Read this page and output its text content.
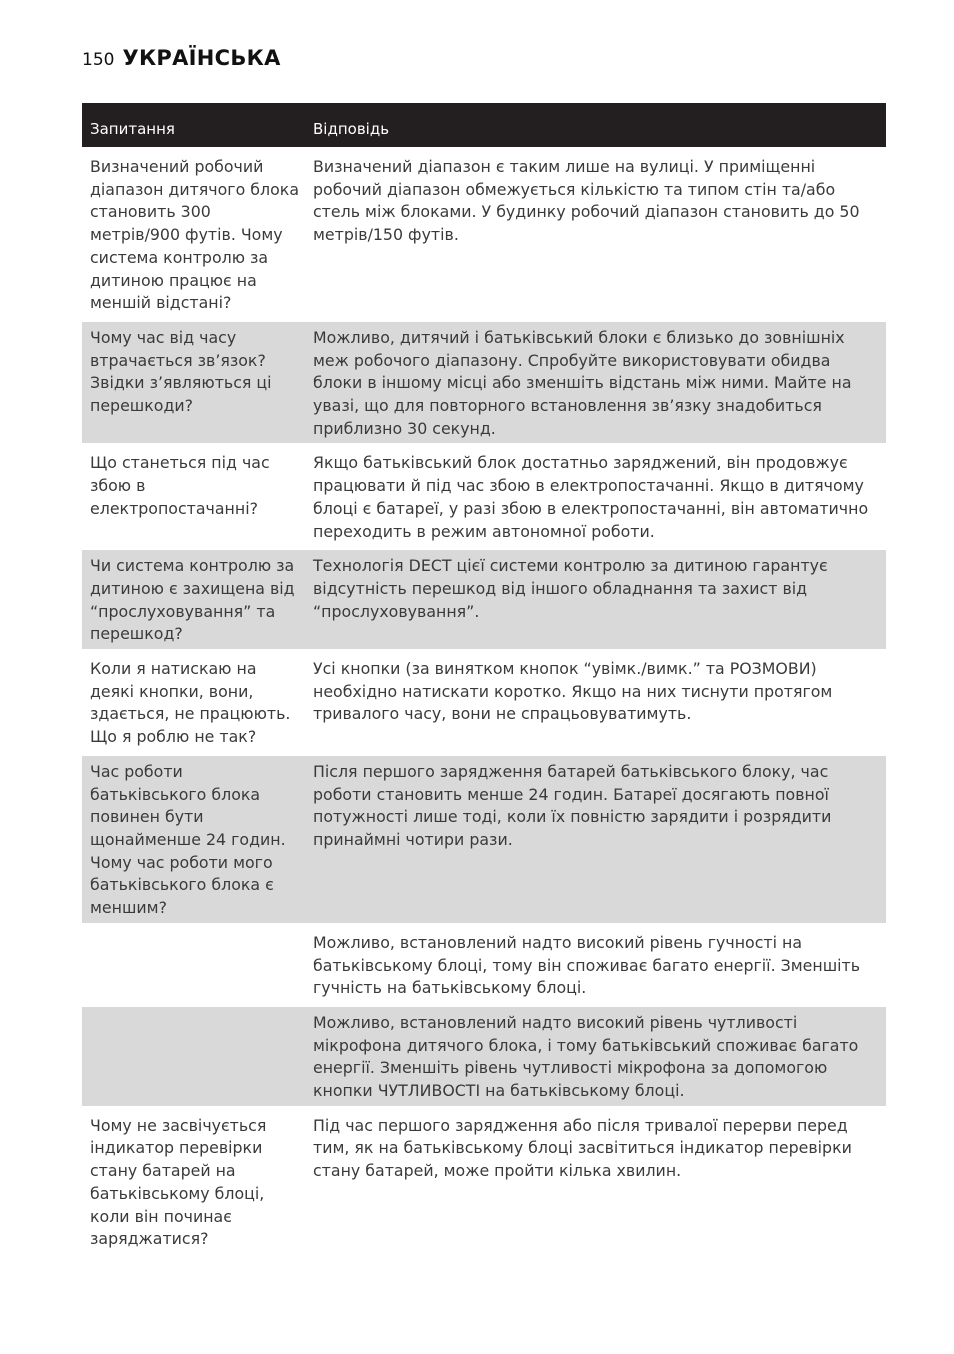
150 УКРАЇНСЬКА
Запитання	Відповідь
Визначений робочий діапазон дитячого блока становить 300 метрів/900 футів. Чому система контролю за дитиною працює на меншій відстані?
Визначений діапазон є таким лише на вулиці. У приміщенні робочий діапазон обмежується кількістю та типом стін та/або стель між блоками. У будинку робочий діапазон становить до 50 метрів/150 футів.
Чому час від часу втрачається зв’язок? Звідки з’являються ці перешкоди?
Можливо, дитячий і батьківський блоки є близько до зовнішніх меж робочого діапазону. Спробуйте використовувати обидва блоки в іншому місці або зменшіть відстань між ними. Майте на увазі, що для повторного встановлення зв’язку знадобиться приблизно 30 секунд.
Що станеться під час збою в електропостачанні?
Якщо батьківський блок достатньо заряджений, він продовжує працювати й під час збою в електропостачанні. Якщо в дитячому блоці є батареї, у разі збою в електропостачанні, він автоматично переходить в режим автономної роботи.
Чи система контролю за дитиною є захищена від “прослуховування” та перешкод?
Технологія DECT цієї системи контролю за дитиною гарантує відсутність перешкод від іншого обладнання та захист від “прослуховування”.
Коли я натискаю на деякі кнопки, вони, здається, не працюють. Що я роблю не так?
Усі кнопки (за винятком кнопок “увімк./вимк.” та РОЗМОВИ) необхідно натискати коротко. Якщо на них тиснути протягом тривалого часу, вони не спрацьовуватимуть.
Час роботи батьківського блока повинен бути щонайменше 24 годин. Чому час роботи мого батьківського блока є меншим?
Після першого зарядження батарей батьківського блоку, час роботи становить менше 24 годин. Батареї досягають повної потужності лише тоді, коли їх повністю зарядити і розрядити принаймні чотири рази.
Можливо, встановлений надто високий рівень гучності на батьківському блоці, тому він споживає багато енергії. Зменшіть гучність на батьківському блоці.
Можливо, встановлений надто високий рівень чутливості мікрофона дитячого блока, і тому батьківський споживає багато енергії. Зменшіть рівень чутливості мікрофона за допомогою кнопки ЧУТЛИВОСТІ на батьківському блоці.
Чому не засвічується індикатор перевірки стану батарей на батьківському блоці, коли він починає заряджатися?
Під час першого зарядження або після тривалої перерви перед тим, як на батьківському блоці засвітиться індикатор перевірки стану батарей, може пройти кілька хвилин.
